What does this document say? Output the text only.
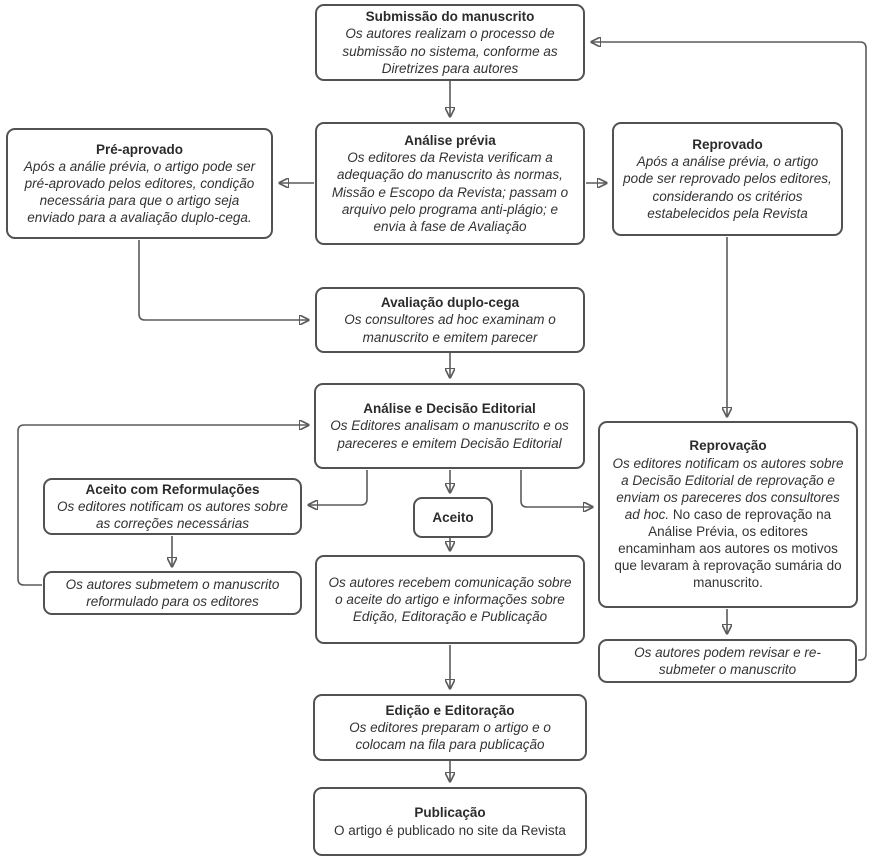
Submissão do manuscrito
Os autores realizam o processo de submissão no sistema, conforme as Diretrizes para autores
Pré-aprovado
Após a análie prévia, o artigo pode ser pré-aprovado pelos editores, condição necessária para que o artigo seja enviado para a avaliação duplo-cega.
Análise prévia
Os editores da Revista verificam a adequação do manuscrito às normas, Missão e Escopo da Revista; passam o arquivo pelo programa anti-plágio; e envia à fase de Avaliação
Reprovado
Após a análise prévia, o artigo pode ser reprovado pelos editores, considerando os critérios estabelecidos pela Revista
Avaliação duplo-cega
Os consultores ad hoc examinam o manuscrito e emitem parecer
Análise e Decisão Editorial
Os Editores analisam o manuscrito e os pareceres e emitem Decisão Editorial
Aceito com Reformulações
Os editores notificam os autores sobre as correções necessárias
Os autores submetem o manuscrito reformulado para os editores
Aceito
Os autores recebem comunicação sobre o aceite do artigo e informações sobre Edição, Editoração e Publicação
Reprovação
Os editores notificam os autores sobre a Decisão Editorial de reprovação e enviam os pareceres dos consultores ad hoc. No caso de reprovação na Análise Prévia, os editores encaminham aos autores os motivos que levaram à reprovação sumária do manuscrito.
Os autores podem revisar e re-submeter o manuscrito
Edição e Editoração
Os editores preparam o artigo e o colocam na fila para publicação
Publicação
O artigo é publicado no site da Revista
